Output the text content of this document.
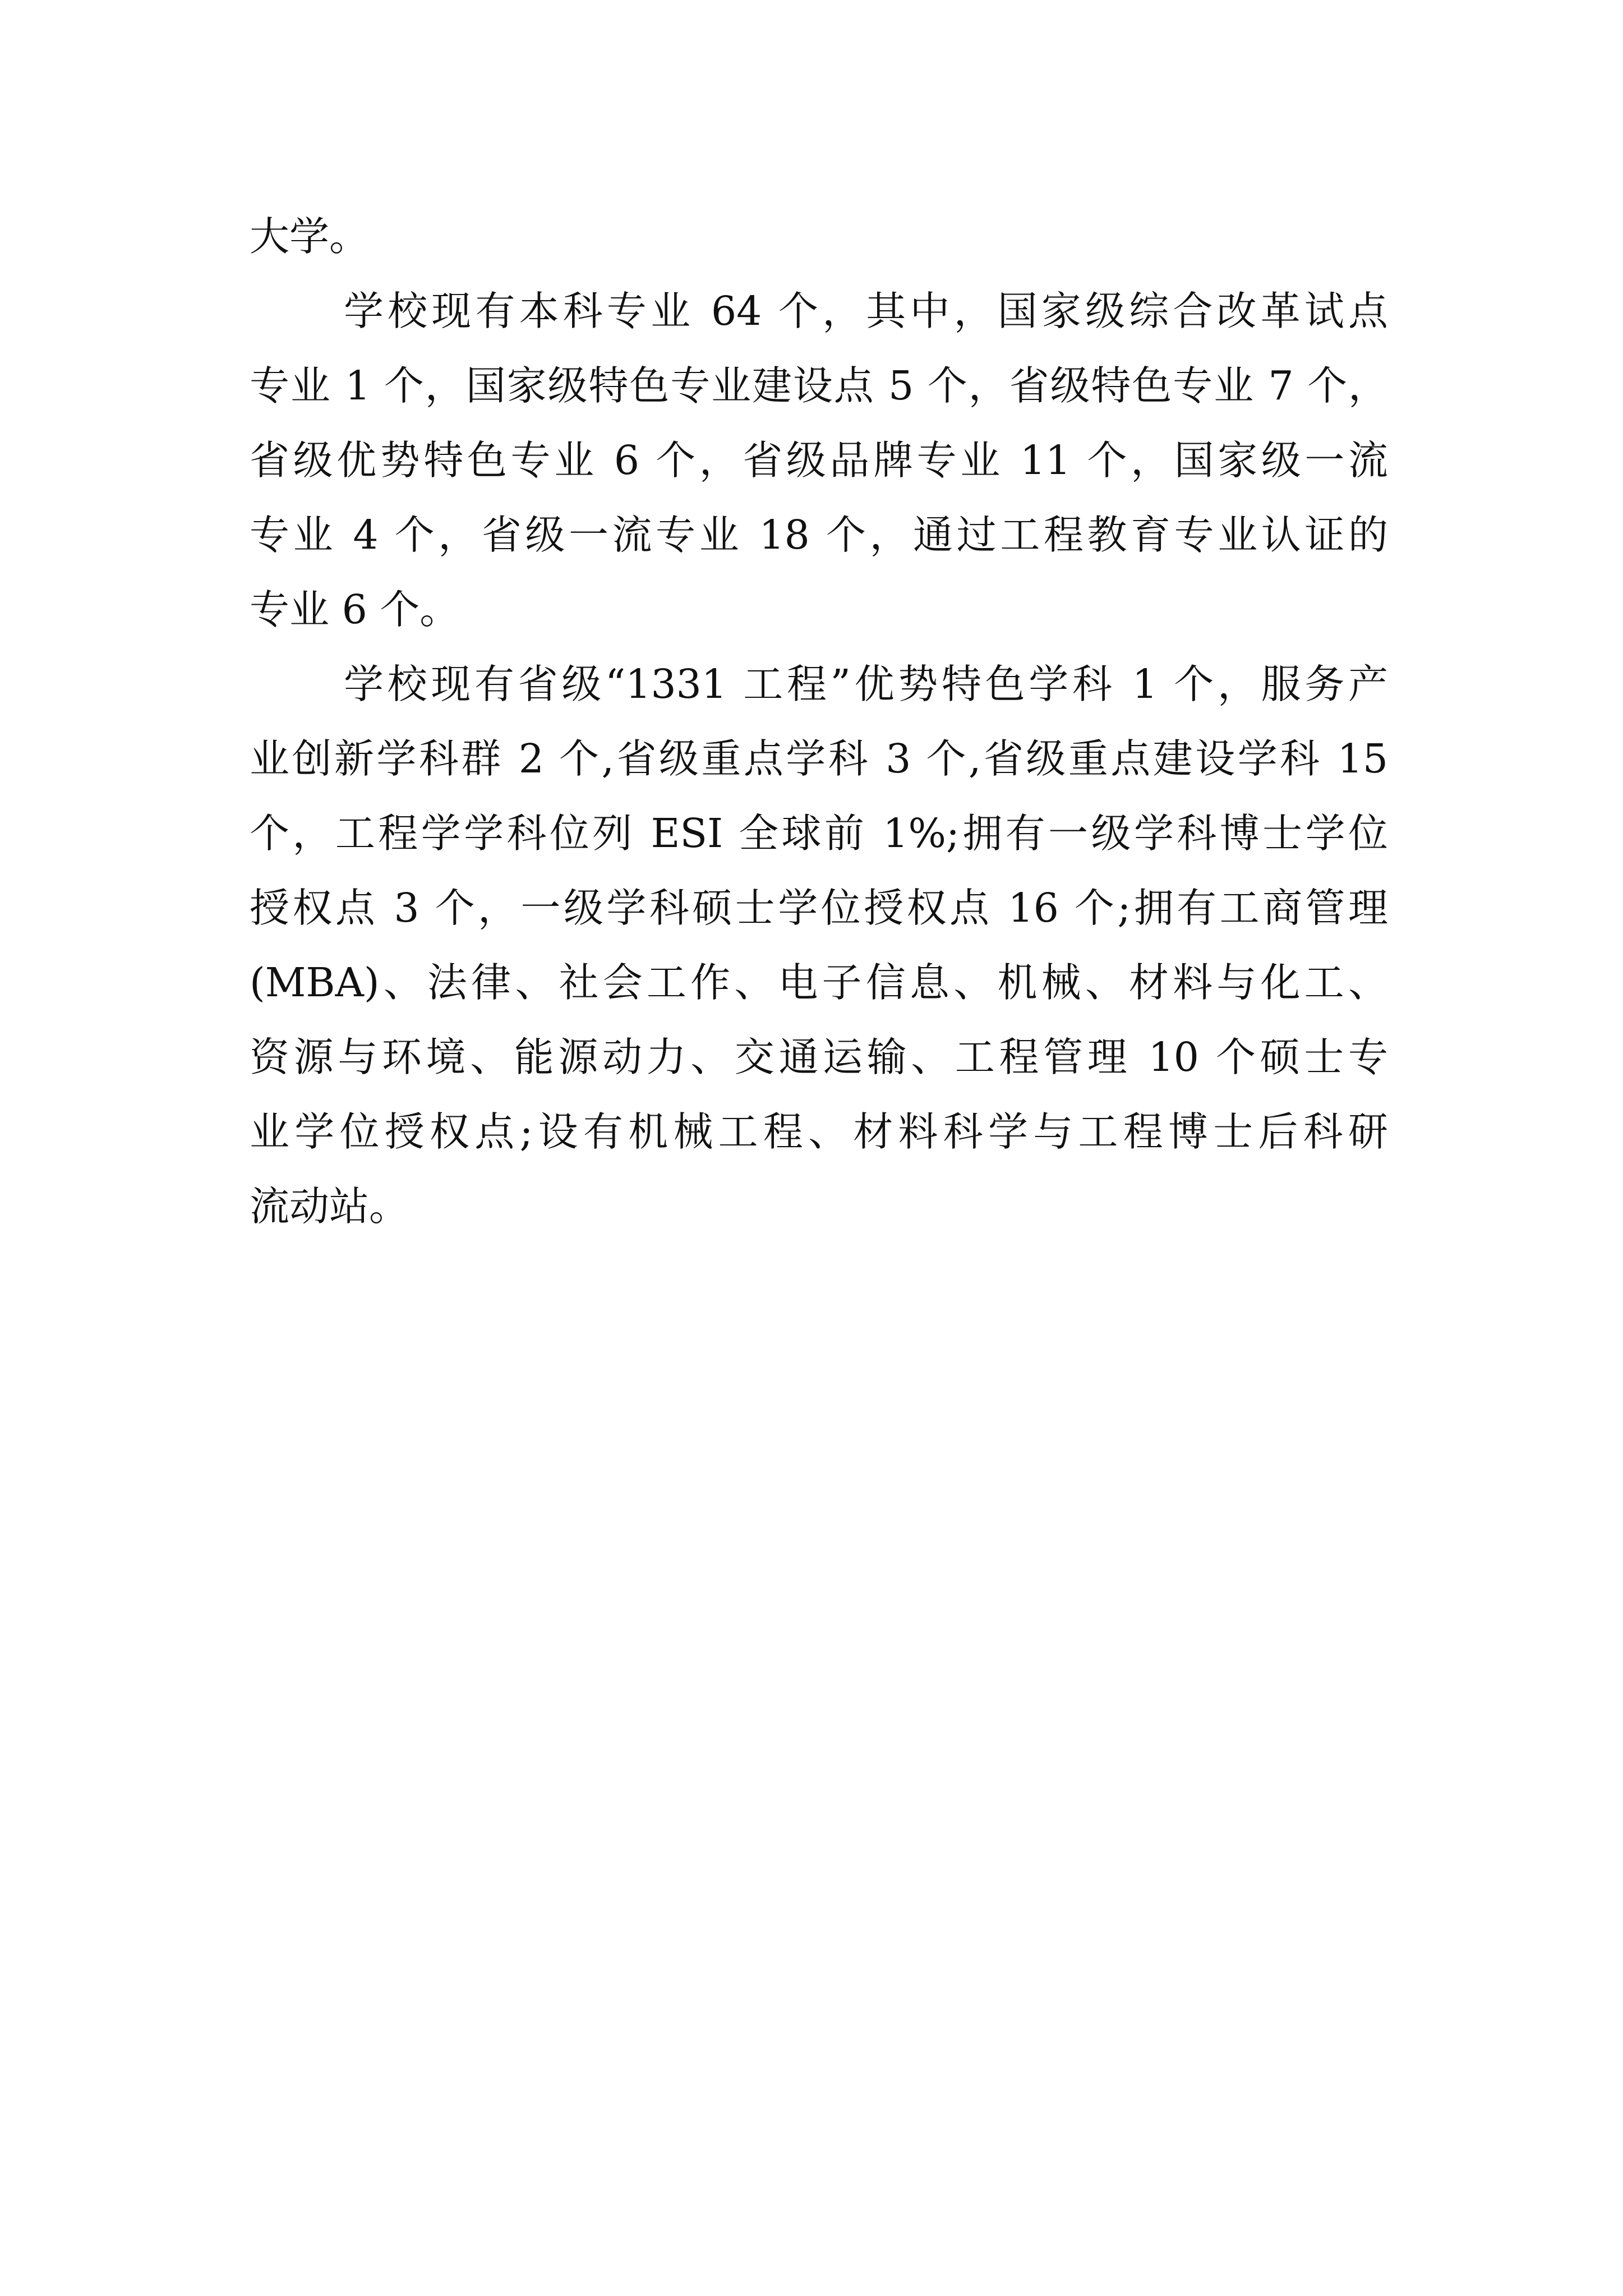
大学。
学校现有本科专业 64 个，其中，国家级综合改革试点
专业 1 个，国家级特色专业建设点 5 个，省级特色专业 7 个，
省级优势特色专业 6 个，省级品牌专业 11 个，国家级一流
专业 4 个，省级一流专业 18 个，通过工程教育专业认证的
专业 6 个。
学校现有省级“1331 工程”优势特色学科 1 个，服务产
业创新学科群 2 个,省级重点学科 3 个,省级重点建设学科 15
个，工程学学科位列 ESI 全球前 1%;拥有一级学科博士学位
授权点 3 个，一级学科硕士学位授权点 16 个;拥有工商管理
(MBA)、法律、社会工作、电子信息、机械、材料与化工、
资源与环境、能源动力、交通运输、工程管理 10 个硕士专
业学位授权点;设有机械工程、材料科学与工程博士后科研
流动站。
